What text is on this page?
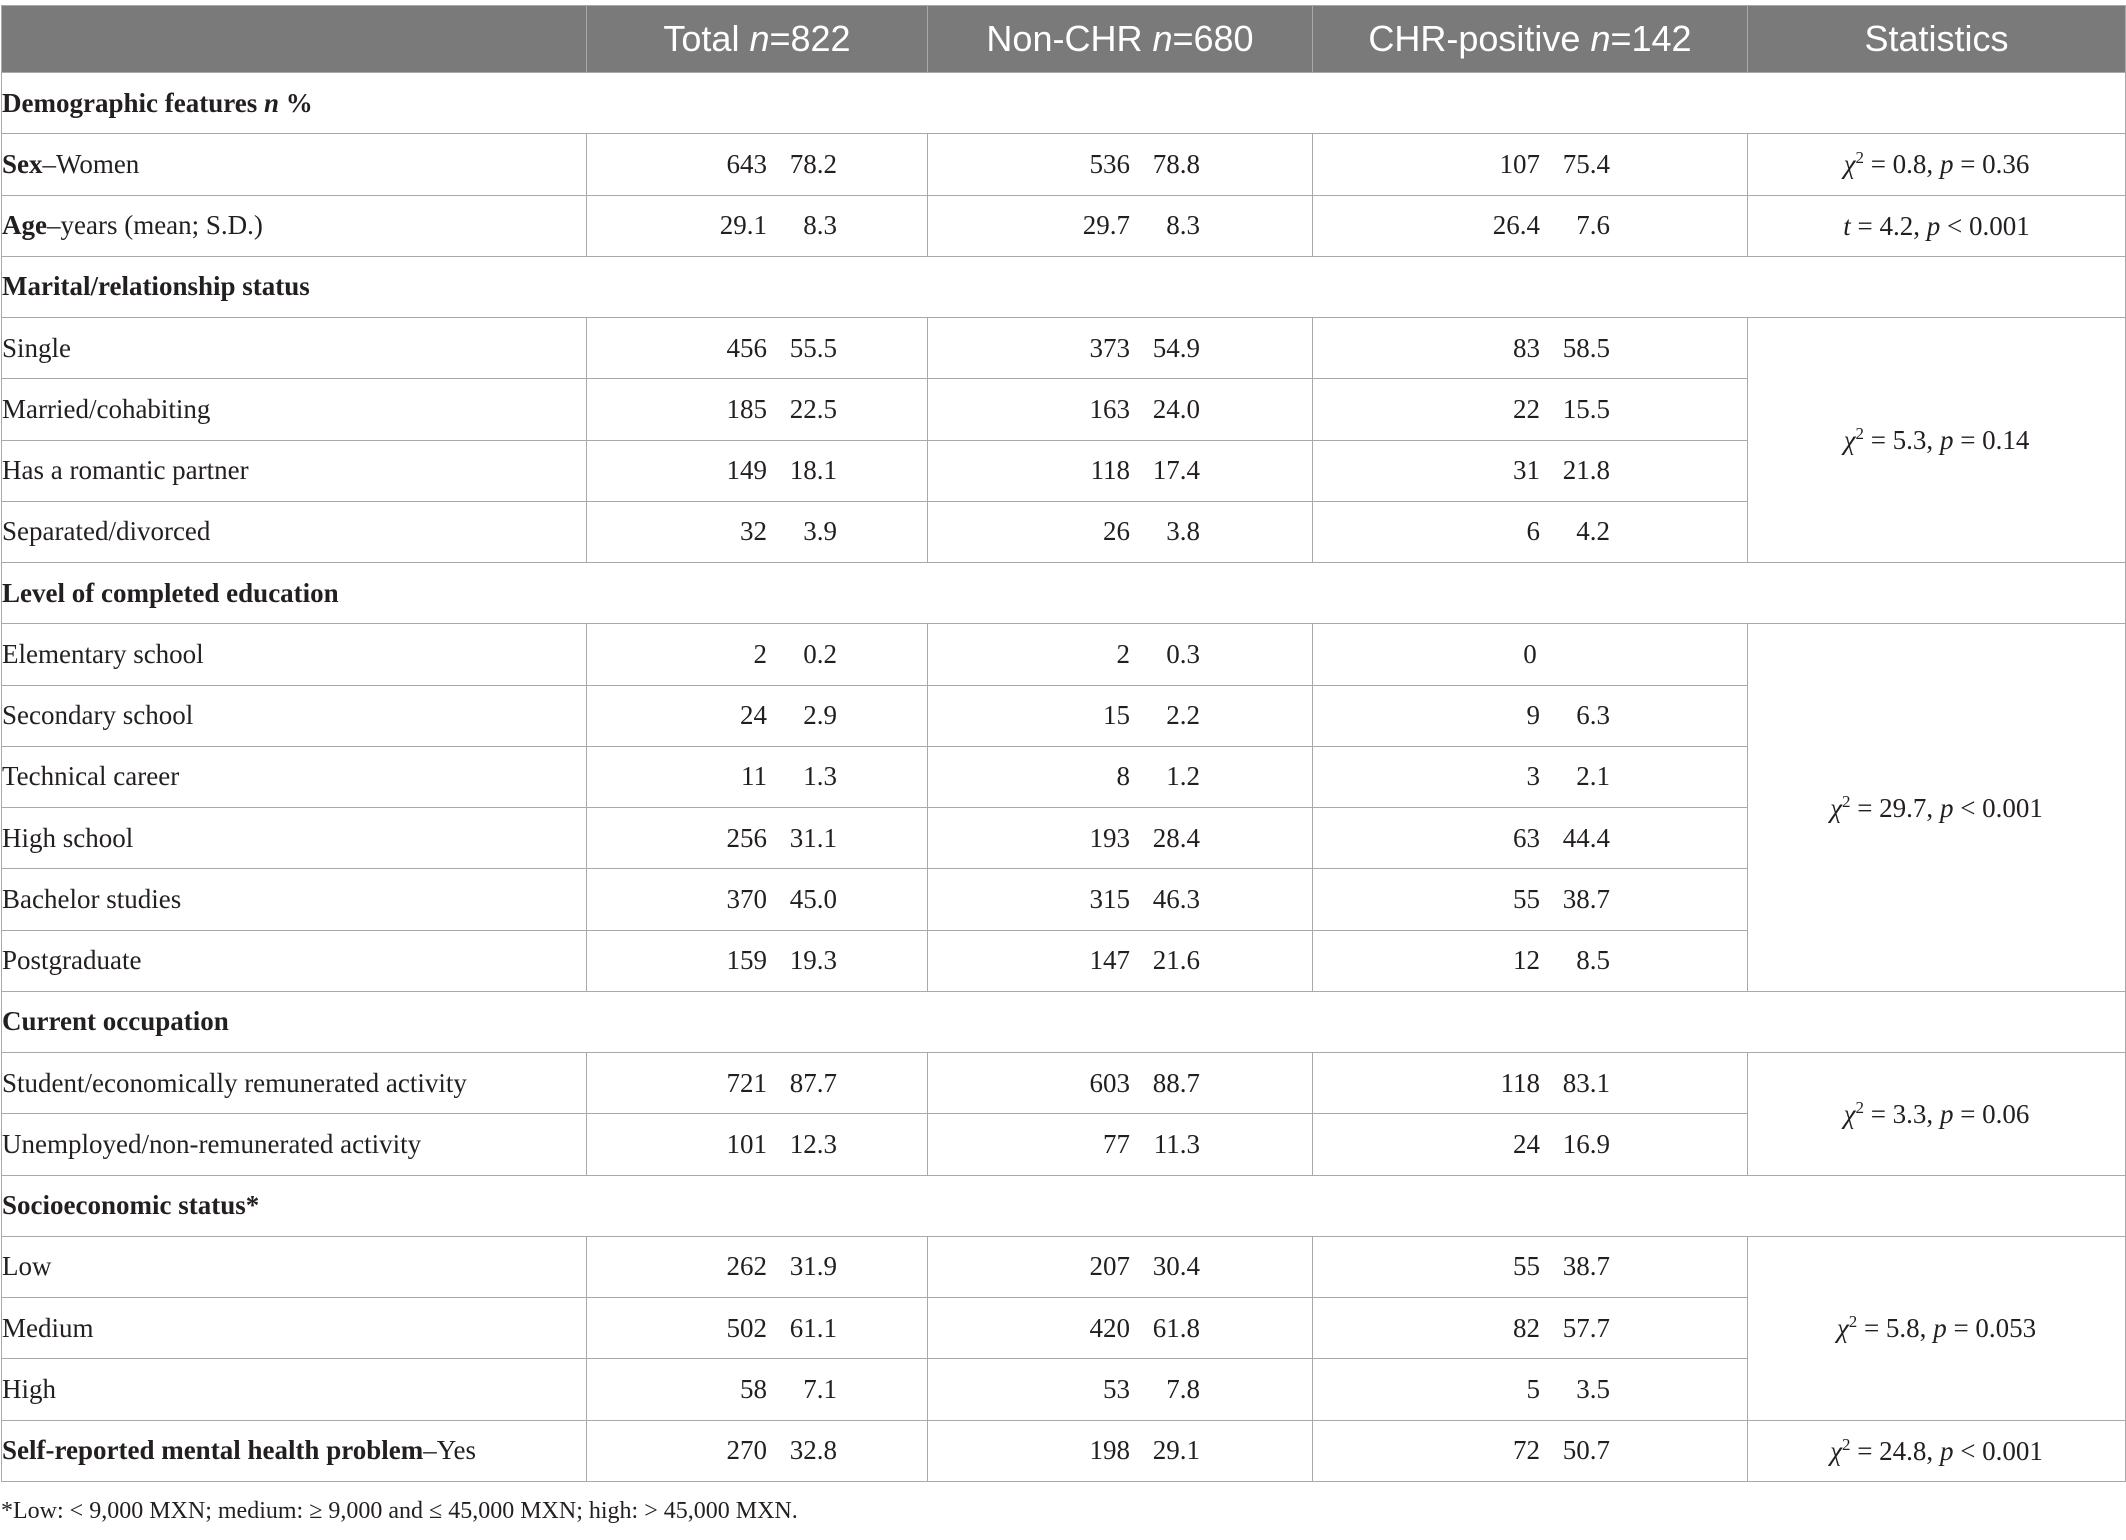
	Total n=822	Non-CHR n=680	CHR-positive n=142	Statistics
Demographic features n %				
Sex–Women	643 78.2	536 78.8	107 75.4	$\chi^2 = 0.8$, p = 0.36
Age–years (mean; S.D.)	29.1 8.3	29.7 8.3	26.4 7.6	t = 4.2, p < 0.001
Marital/relationship status				
Single	456 55.5	373 54.9	83 58.5	$\chi^2 = 5.3$, p = 0.14
Married/cohabiting	185 22.5	163 24.0	22 15.5	
Has a romantic partner	149 18.1	118 17.4	31 21.8	
Separated/divorced	32 3.9	26 3.8	6 4.2	
Level of completed education				
Elementary school	2 0.2	2 0.3	0	$\chi^2 = 29.7$, p < 0.001
Secondary school	24 2.9	15 2.2	9 6.3	
Technical career	11 1.3	8 1.2	3 2.1	
High school	256 31.1	193 28.4	63 44.4	
Bachelor studies	370 45.0	315 46.3	55 38.7	
Postgraduate	159 19.3	147 21.6	12 8.5	
Current occupation				
Student/economically remunerated activity	721 87.7	603 88.7	118 83.1	$\chi^2 = 3.3$, p = 0.06
Unemployed/non-remunerated activity	101 12.3	77 11.3	24 16.9	
Socioeconomic status*				
Low	262 31.9	207 30.4	55 38.7	$\chi^2 = 5.8$, p = 0.053
Medium	502 61.1	420 61.8	82 57.7	
High	58 7.1	53 7.8	5 3.5	
Self-reported mental health problem–Yes	270 32.8	198 29.1	72 50.7	$\chi^2 = 24.8$, p < 0.001
*Low: < 9,000 MXN; medium: ≥ 9,000 and ≤ 45,000 MXN; high: > 45,000 MXN.
